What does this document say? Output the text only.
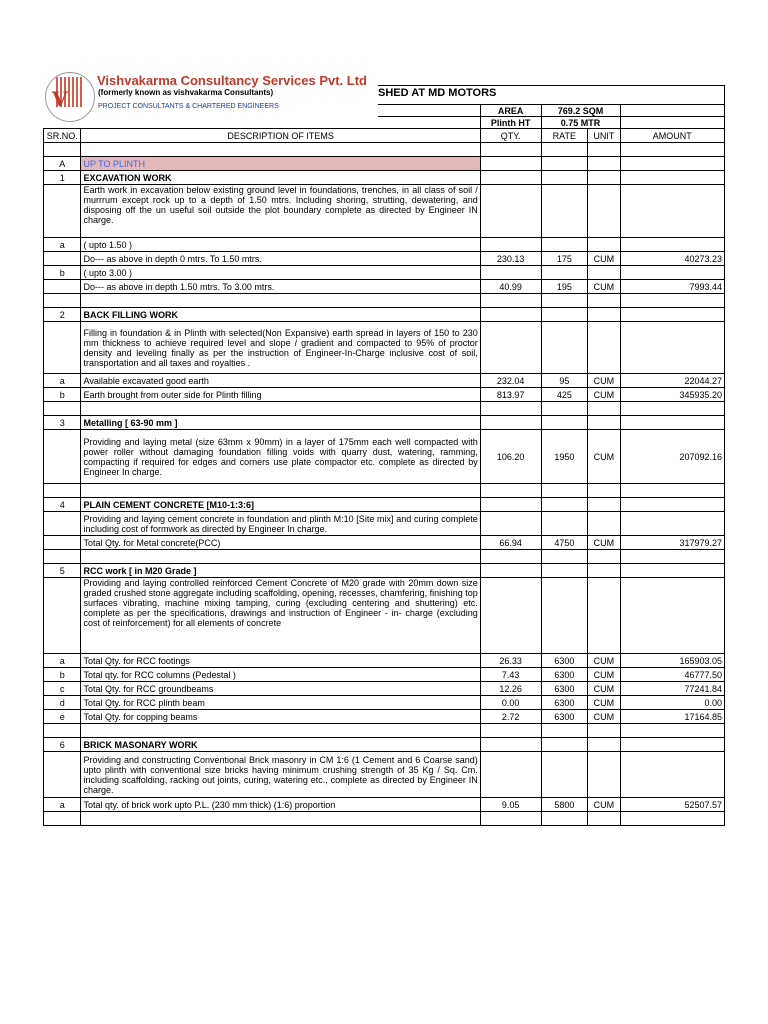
		AREA	769.2 SQM		
		Plinth HT	0.75 MTR		
SR.NO.	DESCRIPTION OF ITEMS	QTY.	RATE	UNIT	AMOUNT

A	UP TO PLINTH				
1	EXCAVATION WORK				
	Earth work in excavation below existing ground level in foundations, trenches, in all class of soil / murrrum except rock up to a depth of 1.50 mtrs. Including shoring, strutting, dewatering, and disposing off the un useful soil outside the plot boundary complete as directed by Engineer IN charge.				
a	( upto 1.50 )				
	Do--- as above in depth 0 mtrs. To 1.50 mtrs.	230.13	175	CUM	40273.23
b	( upto 3.00 )				
	Do--- as above in depth 1.50 mtrs. To 3.00 mtrs.	40.99	195	CUM	7993.44

2	BACK FILLING WORK				
	Filling in foundation & in Plinth with selected(Non Expansive) earth spread in layers of 150 to 230 mm thickness to achieve required level and slope / gradient and compacted to 95% of proctor density and leveling finally as per the instruction of Engineer-In-Charge inclusive cost of soil, transportation and all taxes and royalties .				
a	Available excavated good earth	232.04	95	CUM	22044.27
b	Earth brought from outer side for Plinth filling	813.97	425	CUM	345935.20

3	Metalling [ 63-90 mm ]				
	Providing and laying metal (size 63mm x 90mm) in a layer of 175mm each well compacted with power roller without damaging foundation filling voids with quarry dust, watering, ramming, compacting if required for edges and corners use plate compactor etc. complete as directed by Engineer In charge.	106.20	1950	CUM	207092.16

4	PLAIN CEMENT CONCRETE [M10-1:3:6]				
	Providing and laying cement concrete in foundation and plinth M:10 [Site mix] and curing complete including cost of formwork as directed by Engineer In charge.				
	Total Qty. for Metal concrete(PCC)	66.94	4750	CUM	317979.27

5	RCC work [ in M20 Grade ]				
	Providing and laying controlled reinforced Cement Concrete of M20 grade with 20mm down size graded crushed stone aggregate including scaffolding, opening, recesses, chamfering, finishing top surfaces vibrating, machine mixing tamping, curing (excluding centering and shuttering) etc. complete as per the specifications, drawings and instruction of Engineer - in- charge (excluding cost of reinforcement) for all elements of concrete				
a	Total Qty. for RCC footings	26.33	6300	CUM	165903.05
b	Total qty. for RCC columns (Pedestal )	7.43	6300	CUM	46777.50
c	Total Qty. for RCC groundbeams	12.26	6300	CUM	77241.84
d	Total Qty. for RCC plinth beam	0.00	6300	CUM	0.00
e	Total Qty. for copping beams	2.72	6300	CUM	17164.85

6	BRICK MASONARY WORK				
	Providing and constructing Conventional Brick masonry in CM 1:6 (1 Cement and 6 Coarse sand) upto plinth with conventional size bricks having minimum crushing strength of 35 Kg / Sq. Cm. including scaffolding, racking out joints, curing, watering etc., complete as directed by Engineer IN charge.				
a	Total qty. of brick work upto P.L. (230 mm thick) (1:6) proportion	9.05	5800	CUM	52507.57

V
Vishvakarma Consultancy Services Pvt. Ltd
(formerly known as vishvakarma Consultants)
PROJECT CONSULTANTS & CHARTERED ENGINEERS
SHED AT MD MOTORS
